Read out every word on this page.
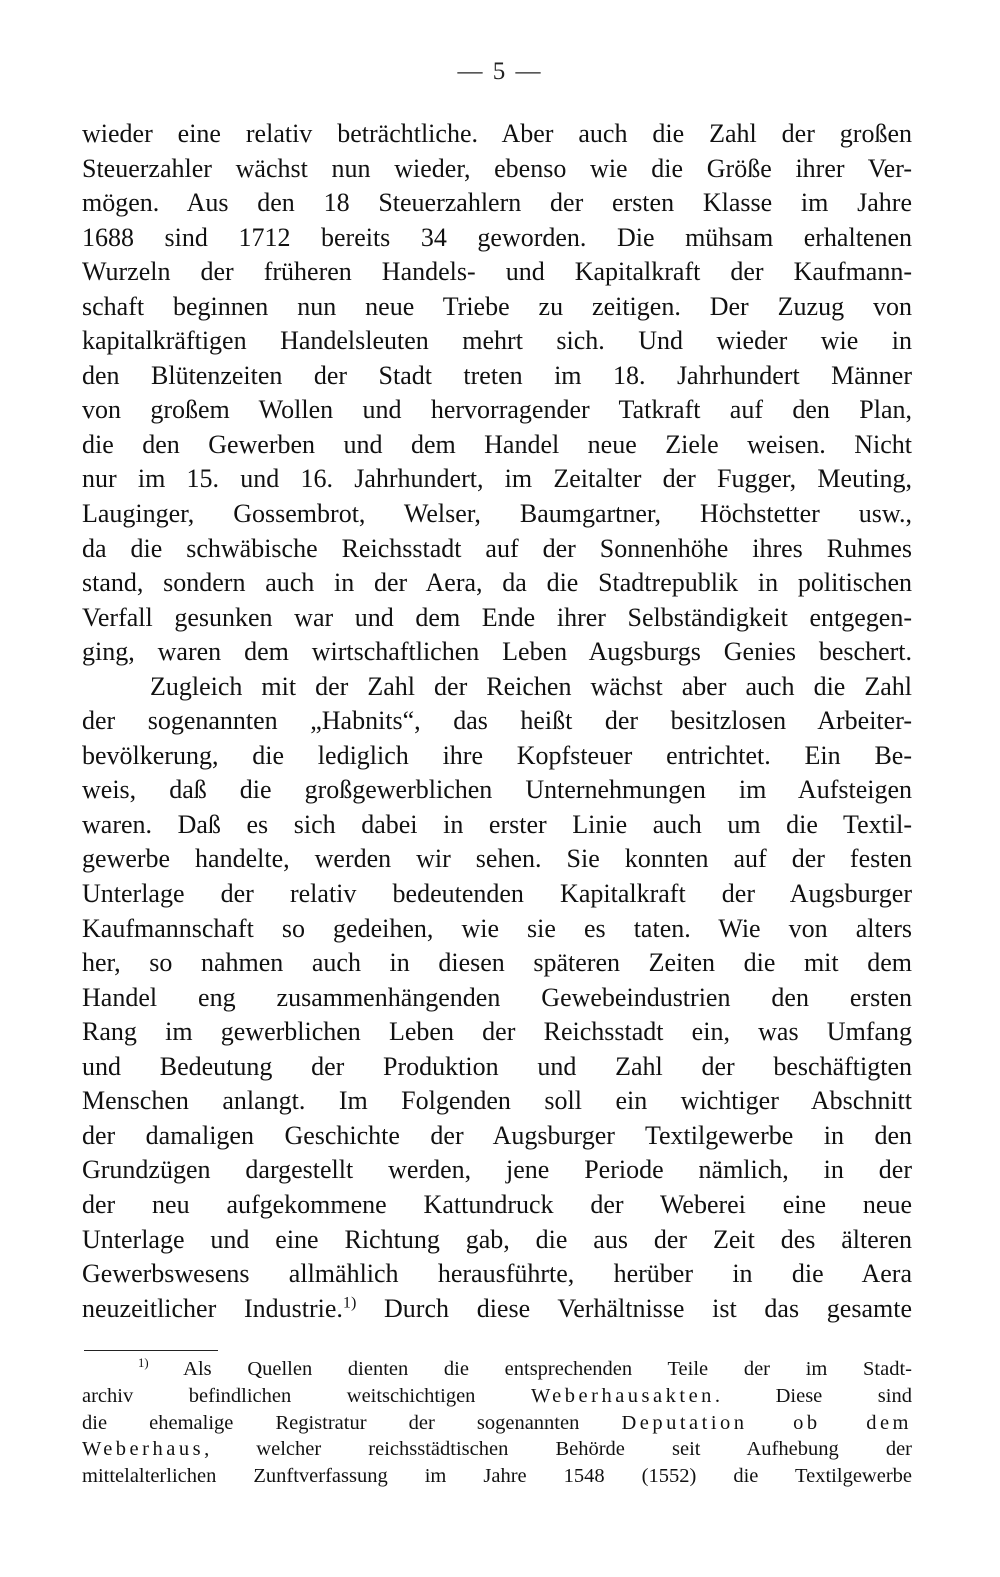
— 5 —
wieder eine relativ beträchtliche. Aber auch die Zahl der großen
Steuerzahler wächst nun wieder, ebenso wie die Größe ihrer Ver-
mögen. Aus den 18 Steuerzahlern der ersten Klasse im Jahre
1688 sind 1712 bereits 34 geworden. Die mühsam erhaltenen
Wurzeln der früheren Handels- und Kapitalkraft der Kaufmann-
schaft beginnen nun neue Triebe zu zeitigen. Der Zuzug von
kapitalkräftigen Handelsleuten mehrt sich. Und wieder wie in
den Blütenzeiten der Stadt treten im 18. Jahrhundert Männer
von großem Wollen und hervorragender Tatkraft auf den Plan,
die den Gewerben und dem Handel neue Ziele weisen. Nicht
nur im 15. und 16. Jahrhundert, im Zeitalter der Fugger, Meuting,
Lauginger, Gossembrot, Welser, Baumgartner, Höchstetter usw.,
da die schwäbische Reichsstadt auf der Sonnenhöhe ihres Ruhmes
stand, sondern auch in der Aera, da die Stadtrepublik in politischen
Verfall gesunken war und dem Ende ihrer Selbständigkeit entgegen-
ging, waren dem wirtschaftlichen Leben Augsburgs Genies beschert.
Zugleich mit der Zahl der Reichen wächst aber auch die Zahl
der sogenannten „Habnits“, das heißt der besitzlosen Arbeiter-
bevölkerung, die lediglich ihre Kopfsteuer entrichtet. Ein Be-
weis, daß die großgewerblichen Unternehmungen im Aufsteigen
waren. Daß es sich dabei in erster Linie auch um die Textil-
gewerbe handelte, werden wir sehen. Sie konnten auf der festen
Unterlage der relativ bedeutenden Kapitalkraft der Augsburger
Kaufmannschaft so gedeihen, wie sie es taten. Wie von alters
her, so nahmen auch in diesen späteren Zeiten die mit dem
Handel eng zusammenhängenden Gewebeindustrien den ersten
Rang im gewerblichen Leben der Reichsstadt ein, was Umfang
und Bedeutung der Produktion und Zahl der beschäftigten
Menschen anlangt. Im Folgenden soll ein wichtiger Abschnitt
der damaligen Geschichte der Augsburger Textilgewerbe in den
Grundzügen dargestellt werden, jene Periode nämlich, in der
der neu aufgekommene Kattundruck der Weberei eine neue
Unterlage und eine Richtung gab, die aus der Zeit des älteren
Gewerbswesens allmählich herausführte, herüber in die Aera
neuzeitlicher Industrie.$^{1)}$ Durch diese Verhältnisse ist das gesamte
$^{1)}$ Als Quellen dienten die entsprechenden Teile der im Stadt-
archiv befindlichen weitschichtigen Weberhausakten. Diese sind
die ehemalige Registratur der sogenannten Deputation ob dem
Weberhaus, welcher reichsstädtischen Behörde seit Aufhebung der
mittelalterlichen Zunftverfassung im Jahre 1548 (1552) die Textilgewerbe
